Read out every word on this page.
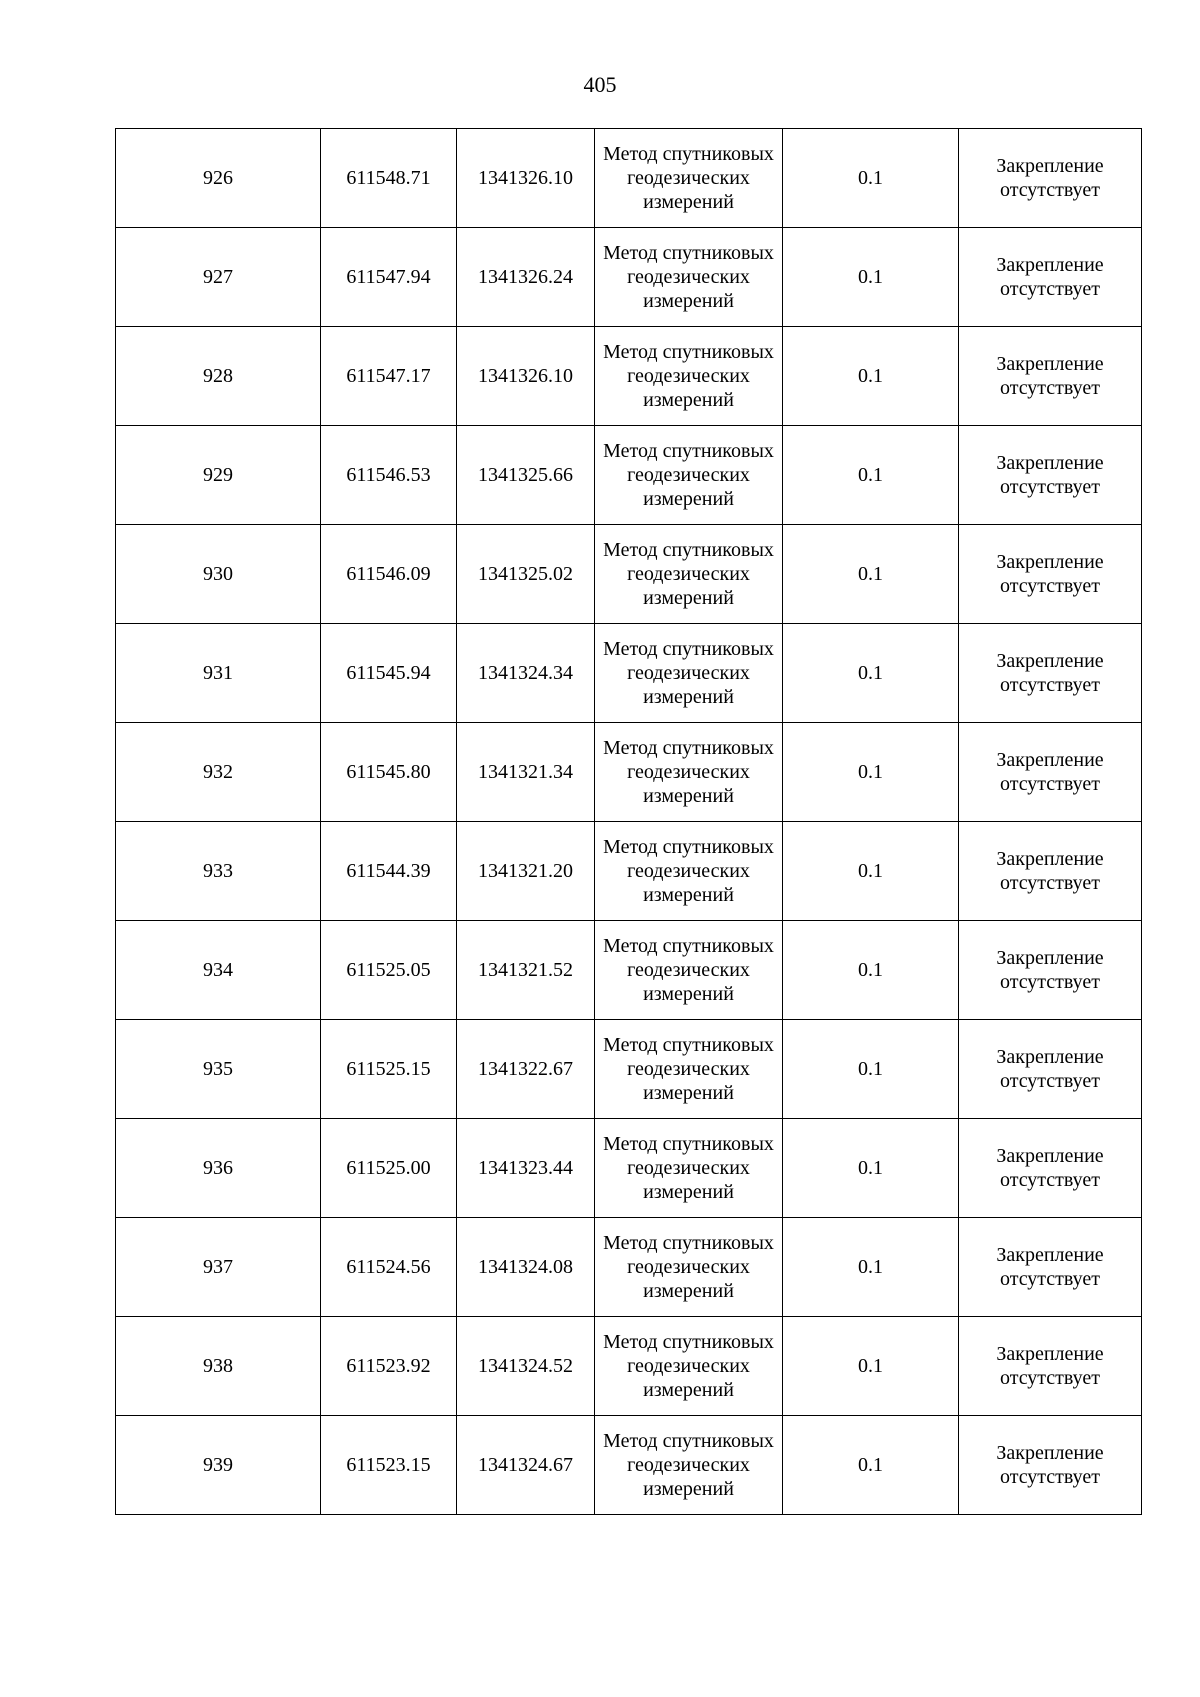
405
926	611548.71	1341326.10	Метод спутниковых геодезических измерений	0.1	Закрепление отсутствует

927	611547.94	1341326.24	Метод спутниковых геодезических измерений	0.1	Закрепление отсутствует

928	611547.17	1341326.10	Метод спутниковых геодезических измерений	0.1	Закрепление отсутствует

929	611546.53	1341325.66	Метод спутниковых геодезических измерений	0.1	Закрепление отсутствует

930	611546.09	1341325.02	Метод спутниковых геодезических измерений	0.1	Закрепление отсутствует

931	611545.94	1341324.34	Метод спутниковых геодезических измерений	0.1	Закрепление отсутствует

932	611545.80	1341321.34	Метод спутниковых геодезических измерений	0.1	Закрепление отсутствует

933	611544.39	1341321.20	Метод спутниковых геодезических измерений	0.1	Закрепление отсутствует

934	611525.05	1341321.52	Метод спутниковых геодезических измерений	0.1	Закрепление отсутствует

935	611525.15	1341322.67	Метод спутниковых геодезических измерений	0.1	Закрепление отсутствует

936	611525.00	1341323.44	Метод спутниковых геодезических измерений	0.1	Закрепление отсутствует

937	611524.56	1341324.08	Метод спутниковых геодезических измерений	0.1	Закрепление отсутствует

938	611523.92	1341324.52	Метод спутниковых геодезических измерений	0.1	Закрепление отсутствует

939	611523.15	1341324.67	Метод спутниковых геодезических измерений	0.1	Закрепление отсутствует
